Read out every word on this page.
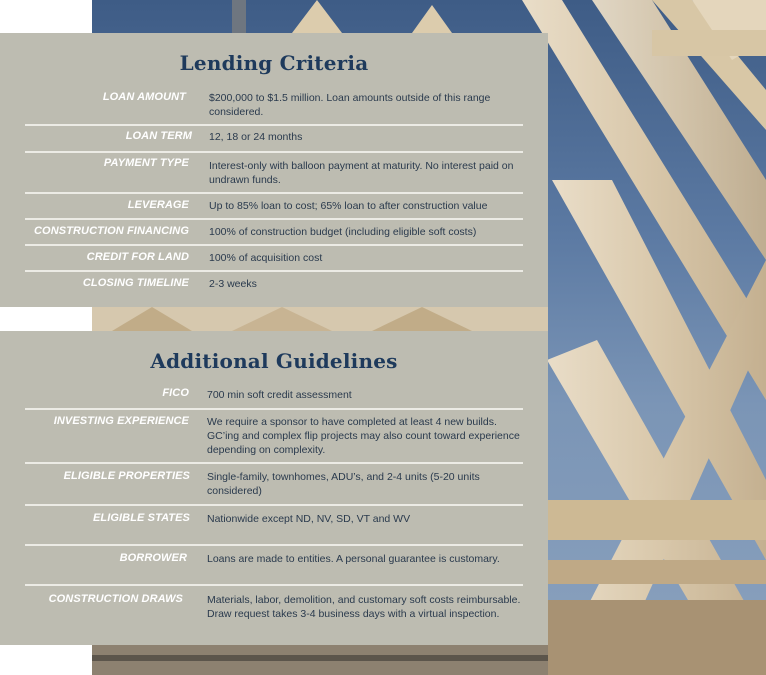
Lending Criteria
LOAN AMOUNT $200,000 to $1.5 million. Loan amounts outside of this range considered.
LOAN TERM 12, 18 or 24 months
PAYMENT TYPE Interest-only with balloon payment at maturity. No interest paid on undrawn funds.
LEVERAGE Up to 85% loan to cost; 65% loan to after construction value
CONSTRUCTION FINANCING 100% of construction budget (including eligible soft costs)
CREDIT FOR LAND 100% of acquisition cost
CLOSING TIMELINE 2-3 weeks
Additional Guidelines
FICO 700 min soft credit assessment
INVESTING EXPERIENCE We require a sponsor to have completed at least 4 new builds. GC’ing and complex flip projects may also count toward experience depending on complexity.
ELIGIBLE PROPERTIES Single-family, townhomes, ADU’s, and 2-4 units (5-20 units considered)
ELIGIBLE STATES Nationwide except ND, NV, SD, VT and WV
BORROWER Loans are made to entities. A personal guarantee is customary.
CONSTRUCTION DRAWS Materials, labor, demolition, and customary soft costs reimbursable. Draw request takes 3-4 business days with a virtual inspection.
